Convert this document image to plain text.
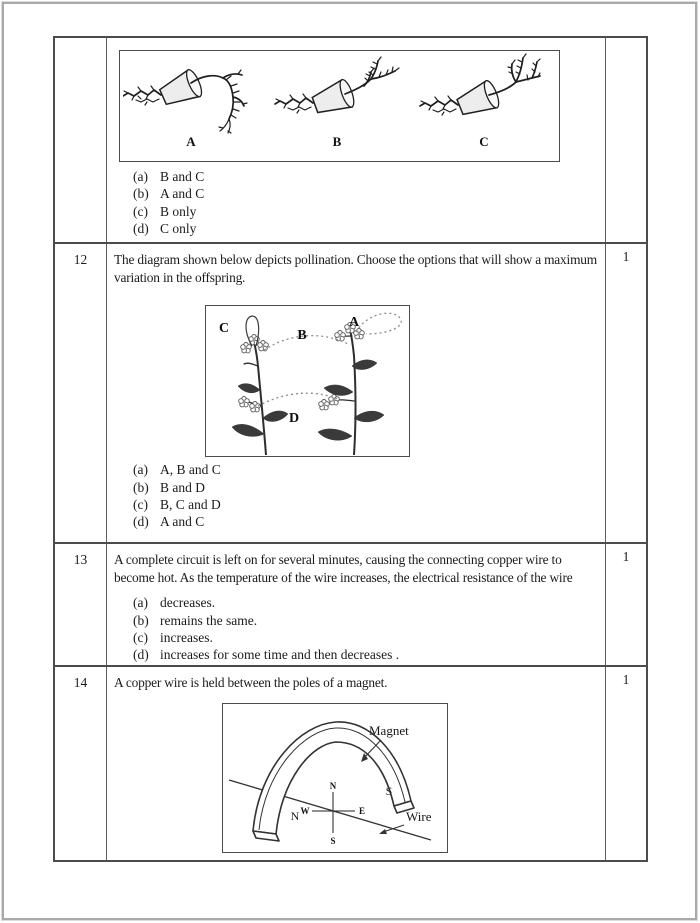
A	B	C
(a) B and C
(b) A and C
(c) B only
(d) C only
12	The diagram shown below depicts pollination. Choose the options that will show a maximum variation in the offspring.
C	B
A
D
(a) A, B and C
(b) B and D
(c) B, C and D
(d) A and C
1
13	A complete circuit is left on for several minutes, causing the connecting copper wire to become hot. As the temperature of the wire increases, the electrical resistance of the wire
(a) decreases.
(b) remains the same.
(c) increases.
(d) increases for some time and then decreases .
1
14	A copper wire is held between the poles of a magnet.
N
S
N
S
W	E
Magnet
Wire
1
